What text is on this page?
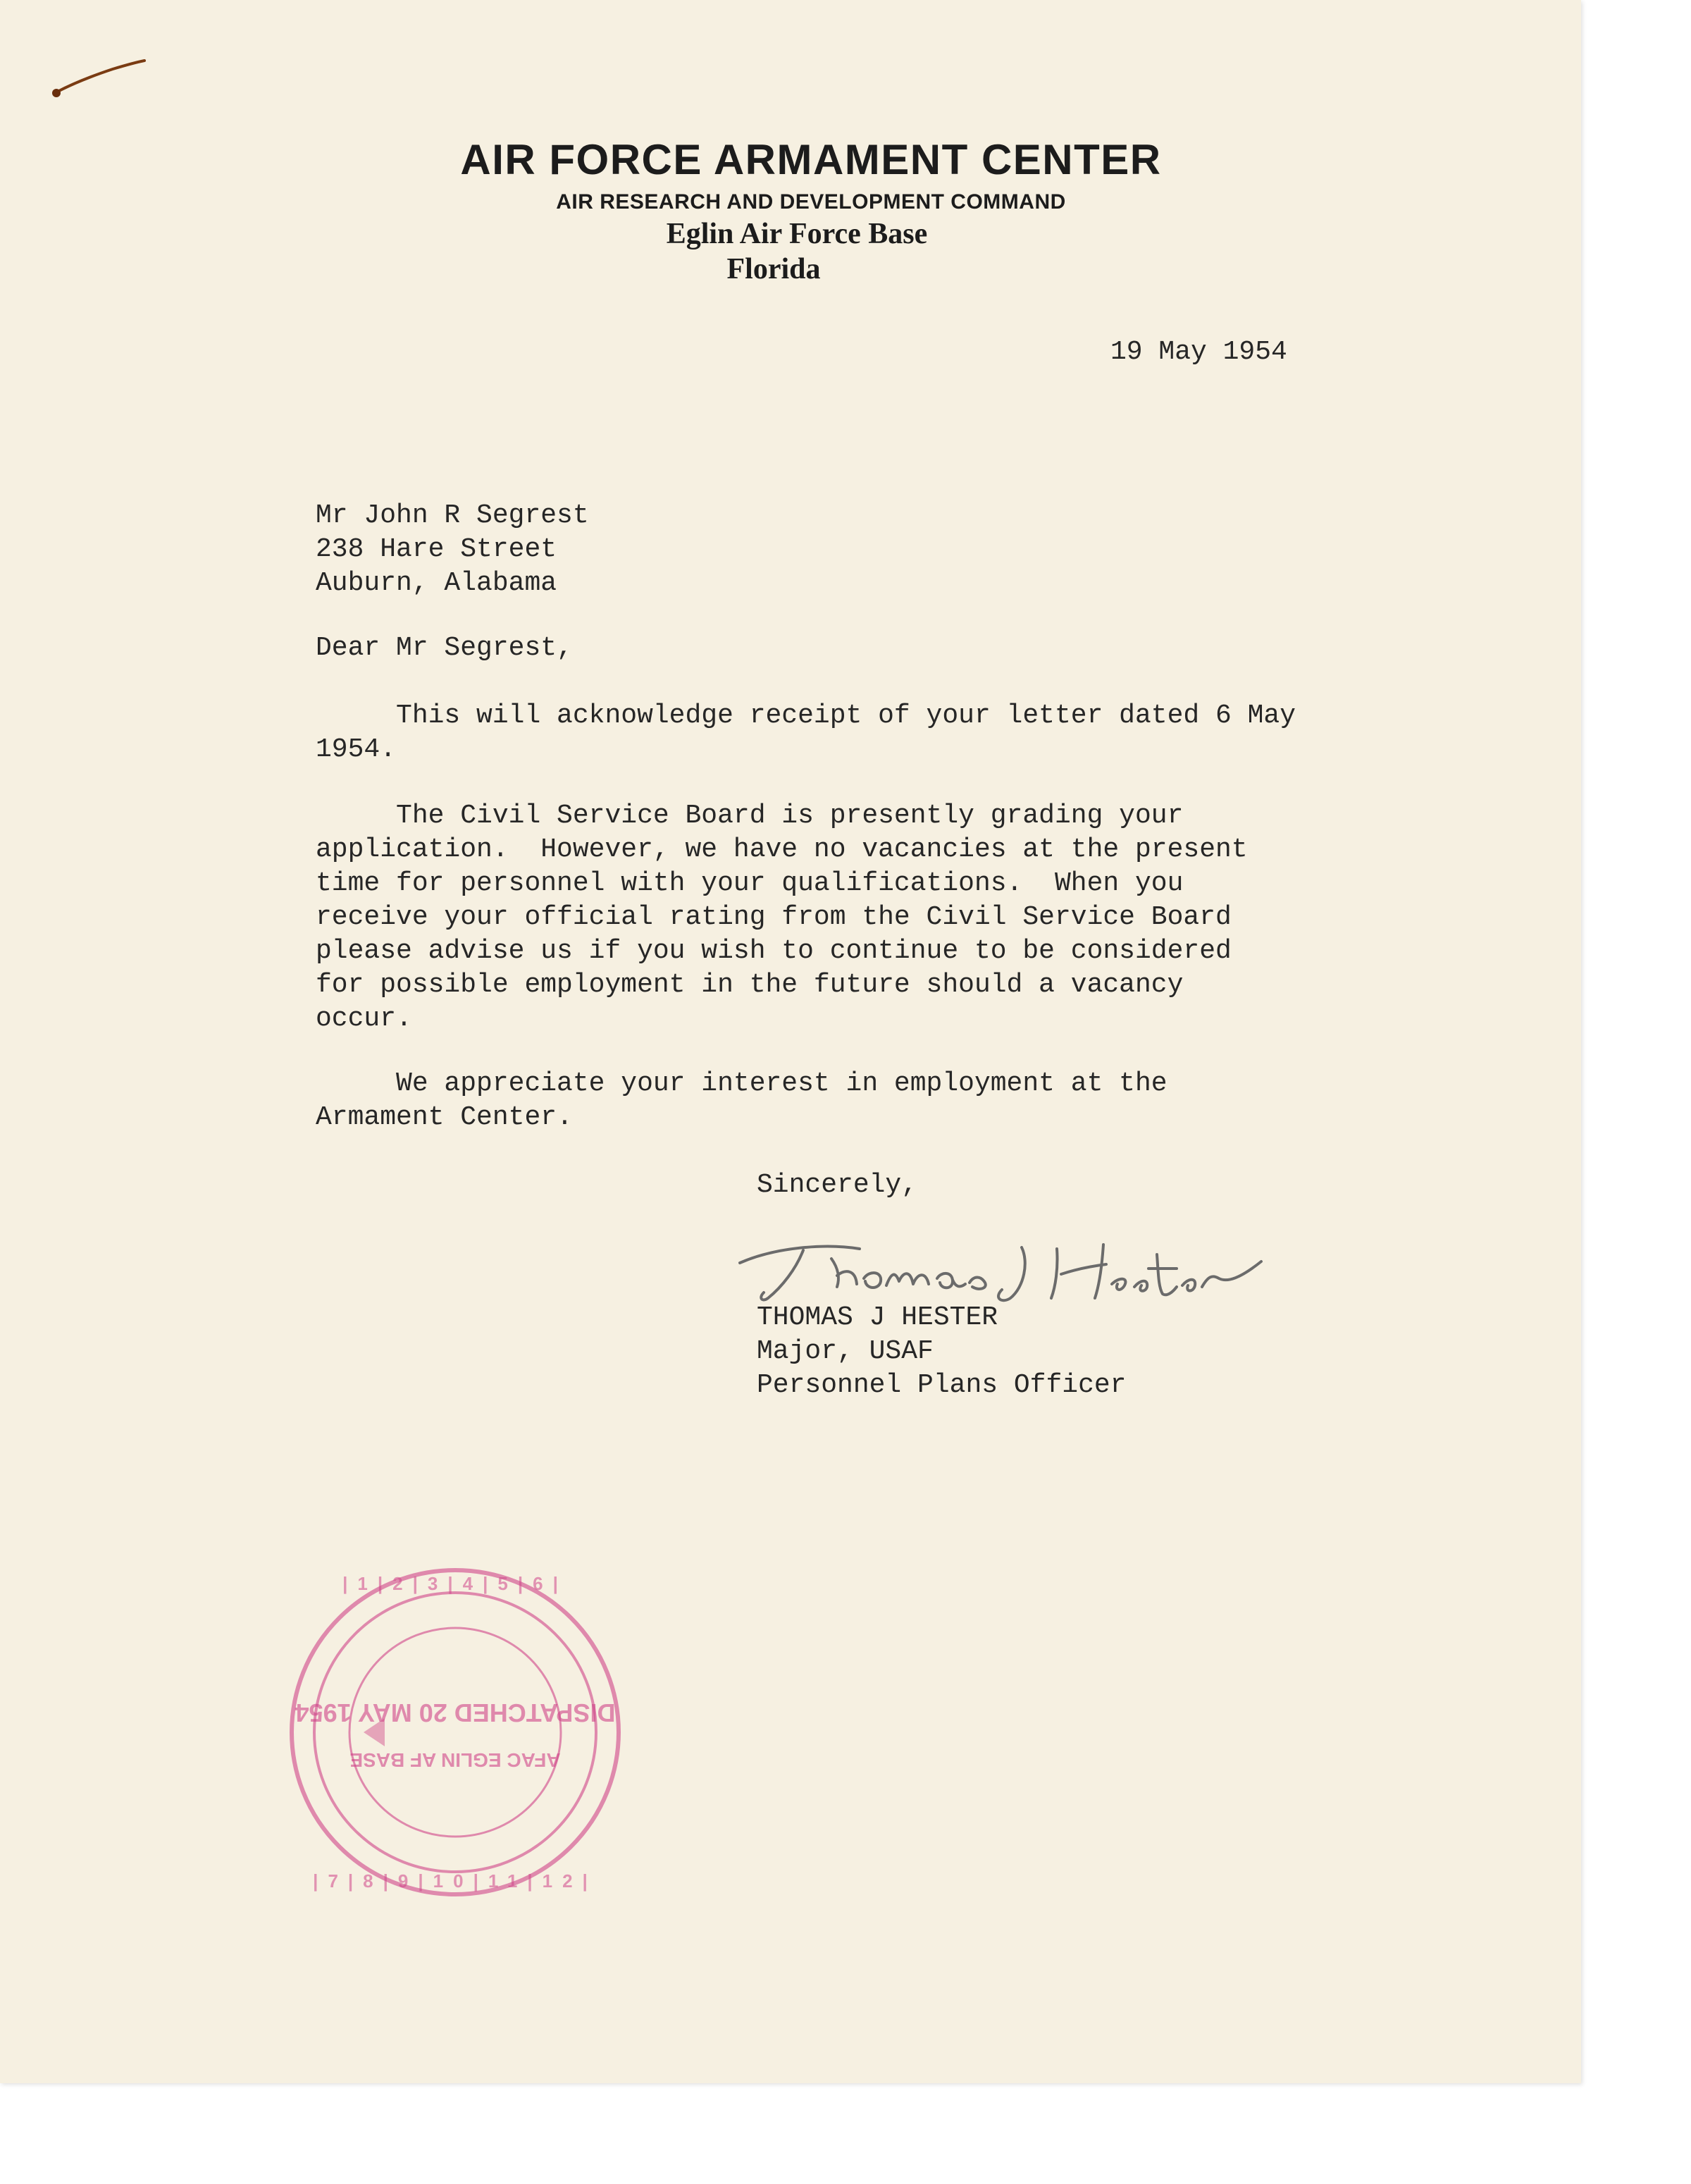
AIR FORCE ARMAMENT CENTER
AIR RESEARCH AND DEVELOPMENT COMMAND
Eglin Air Force Base
Florida
19 May 1954
Mr John R Segrest
238 Hare Street
Auburn, Alabama
Dear Mr Segrest,
This will acknowledge receipt of your letter dated 6 May
1954.
The Civil Service Board is presently grading your
application.  However, we have no vacancies at the present
time for personnel with your qualifications.  When you
receive your official rating from the Civil Service Board
please advise us if you wish to continue to be considered
for possible employment in the future should a vacancy
occur.
We appreciate your interest in employment at the
Armament Center.
Sincerely,
THOMAS J HESTER
Major, USAF
Personnel Plans Officer
|1|2|3|4|5|6|
|7|8|9|10|11|12|
AFAC EGLIN AF BASE
DISPATCHED 20 MAY 1954
